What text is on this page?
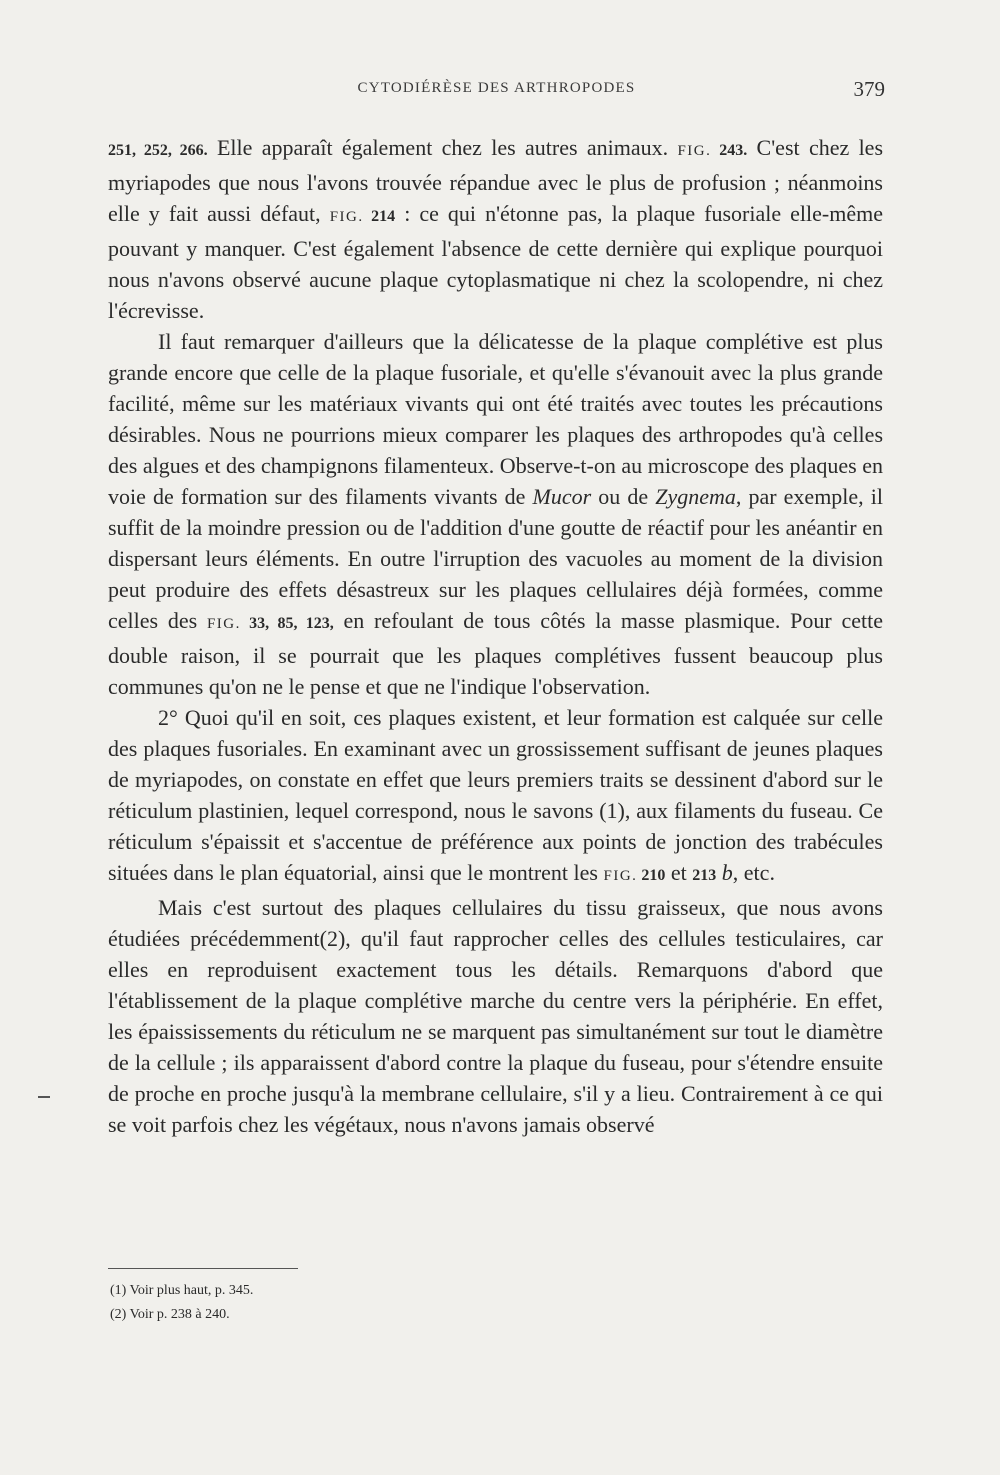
CYTODIÉRÈSE DES ARTHROPODES	379

251, 252, 266. Elle apparaît également chez les autres animaux. FIG. 243. C'est chez les myriapodes que nous l'avons trouvée répandue avec le plus de profusion ; néanmoins elle y fait aussi défaut, FIG. 214 : ce qui n'étonne pas, la plaque fusoriale elle-même pouvant y manquer. C'est également l'absence de cette dernière qui explique pourquoi nous n'avons observé aucune plaque cytoplasmatique ni chez la scolopendre, ni chez l'écrevisse.

Il faut remarquer d'ailleurs que la délicatesse de la plaque complétive est plus grande encore que celle de la plaque fusoriale, et qu'elle s'évanouit avec la plus grande facilité, même sur les matériaux vivants qui ont été traités avec toutes les précautions désirables. Nous ne pourrions mieux comparer les plaques des arthropodes qu'à celles des algues et des champignons filamenteux. Observe-t-on au microscope des plaques en voie de formation sur des filaments vivants de Mucor ou de Zygnema, par exemple, il suffit de la moindre pression ou de l'addition d'une goutte de réactif pour les anéantir en dispersant leurs éléments. En outre l'irruption des vacuoles au moment de la division peut produire des effets désastreux sur les plaques cellulaires déjà formées, comme celles des FIG. 33, 85, 123, en refoulant de tous côtés la masse plasmique. Pour cette double raison, il se pourrait que les plaques complétives fussent beaucoup plus communes qu'on ne le pense et que ne l'indique l'observation.

2° Quoi qu'il en soit, ces plaques existent, et leur formation est calquée sur celle des plaques fusoriales. En examinant avec un grossissement suffisant de jeunes plaques de myriapodes, on constate en effet que leurs premiers traits se dessinent d'abord sur le réticulum plastinien, lequel correspond, nous le savons (1), aux filaments du fuseau. Ce réticulum s'épaissit et s'accentue de préférence aux points de jonction des trabécules situées dans le plan équatorial, ainsi que le montrent les FIG. 210 et 213 b, etc.

Mais c'est surtout des plaques cellulaires du tissu graisseux, que nous avons étudiées précédemment(2), qu'il faut rapprocher celles des cellules testiculaires, car elles en reproduisent exactement tous les détails. Remarquons d'abord que l'établissement de la plaque complétive marche du centre vers la périphérie. En effet, les épaississements du réticulum ne se marquent pas simultanément sur tout le diamètre de la cellule ; ils apparaissent d'abord contre la plaque du fuseau, pour s'étendre ensuite de proche en proche jusqu'à la membrane cellulaire, s'il y a lieu. Contrairement à ce qui se voit parfois chez les végétaux, nous n'avons jamais observé

(1) Voir plus haut, p. 345.
(2) Voir p. 238 à 240.
